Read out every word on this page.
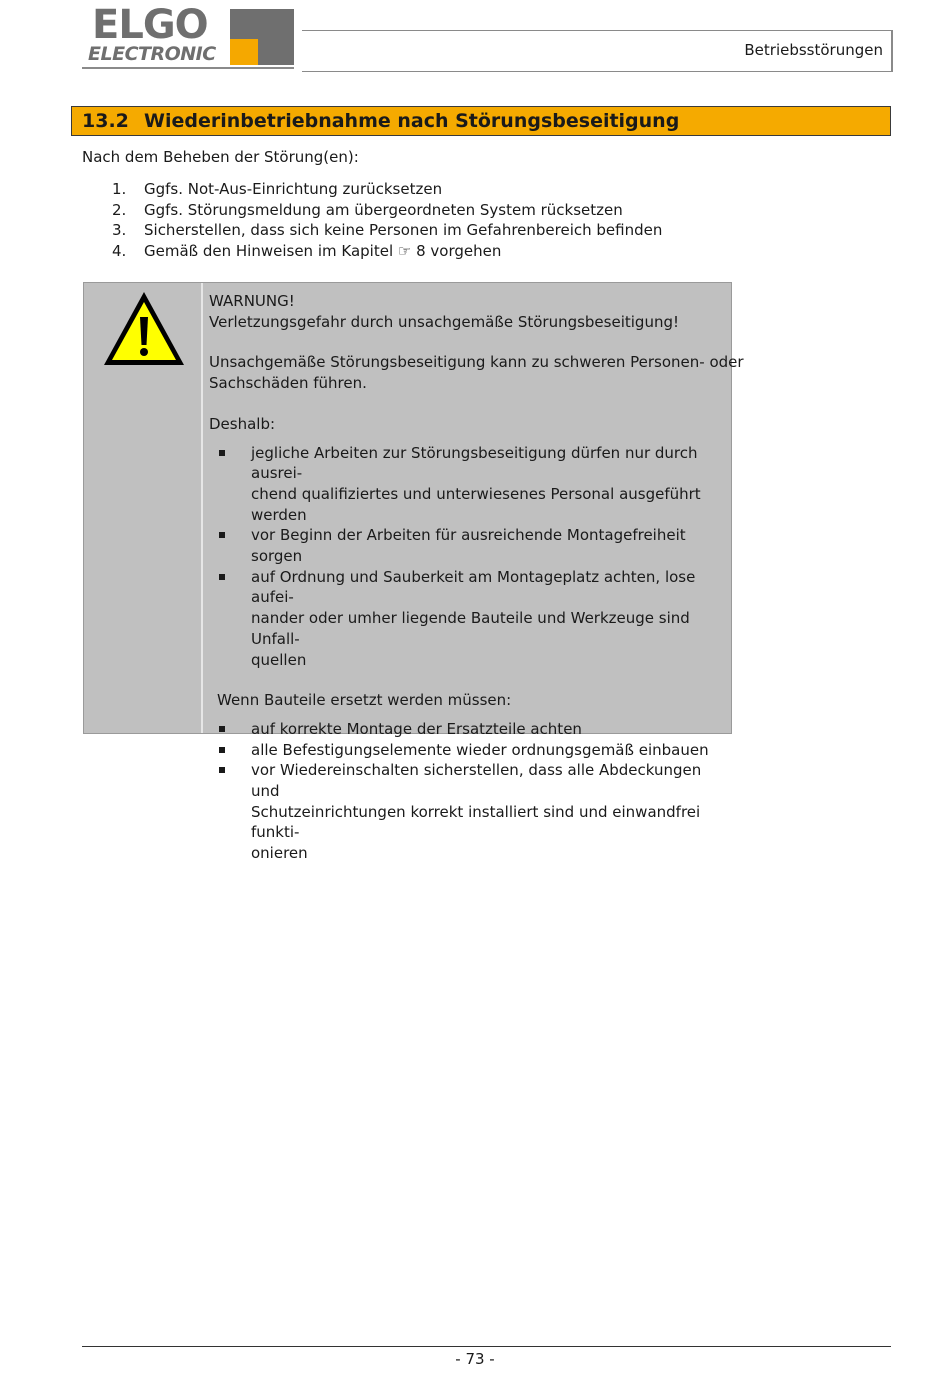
ELGO
ELECTRONIC	Betriebsstörungen
13.2 Wiederinbetriebnahme nach Störungsbeseitigung
Nach dem Beheben der Störung(en):
1.	Ggfs. Not-Aus-Einrichtung zurücksetzen
2.	Ggfs. Störungsmeldung am übergeordneten System rücksetzen
3.	Sicherstellen, dass sich keine Personen im Gefahrenbereich befinden
4.	Gemäß den Hinweisen im Kapitel ☞ 8 vorgehen
WARNUNG!
Verletzungsgefahr durch unsachgemäße Störungsbeseitigung!
Unsachgemäße Störungsbeseitigung kann zu schweren Personen- oder
Sachschäden führen.
Deshalb:
jegliche Arbeiten zur Störungsbeseitigung dürfen nur durch ausrei-
chend qualifiziertes und unterwiesenes Personal ausgeführt werden
vor Beginn der Arbeiten für ausreichende Montagefreiheit sorgen
auf Ordnung und Sauberkeit am Montageplatz achten, lose aufei-
nander oder umher liegende Bauteile und Werkzeuge sind Unfall-
quellen
Wenn Bauteile ersetzt werden müssen:
auf korrekte Montage der Ersatzteile achten
alle Befestigungselemente wieder ordnungsgemäß einbauen
vor Wiedereinschalten sicherstellen, dass alle Abdeckungen und
Schutzeinrichtungen korrekt installiert sind und einwandfrei funkti-
onieren
- 73 -
